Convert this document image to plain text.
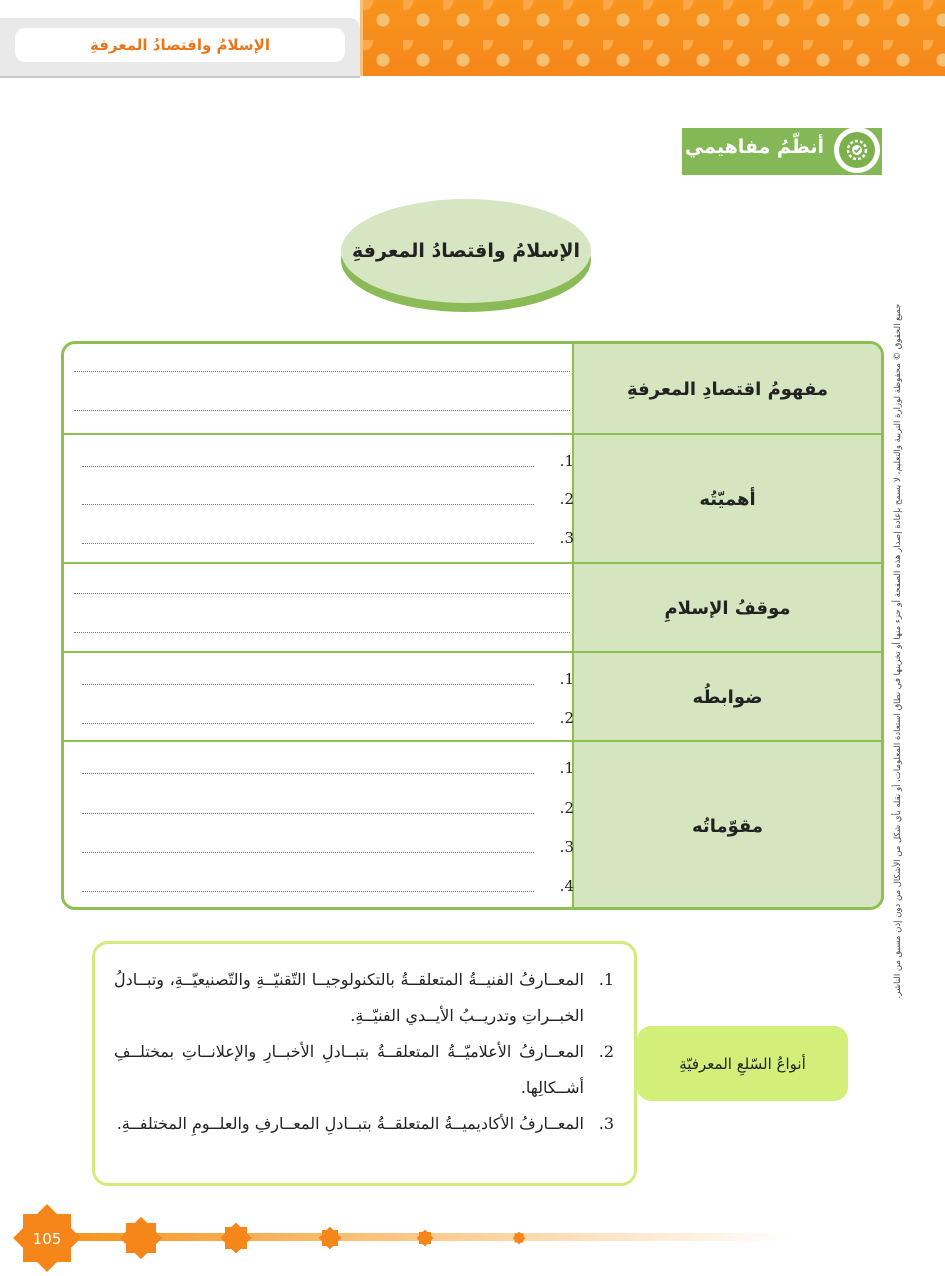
الإسلامُ واقتصادُ المعرفةِ
أنظّمُ مفاهيمي
الإسلامُ واقتصادُ المعرفةِ
مفهومُ اقتصادِ المعرفةِ
أهميّتُه
1.
2.
3.
موقفُ الإسلامِ
ضوابطُه
1.
2.
مقوّماتُه
1.
2.
3.
4.	جميع الحقوق © محفوظة لوزارة التربية والتعليم، لا يسمح بإعادة إصدار هذه الصفحة أو جزء منها أو تخزينها في نطاق استعادة المعلومات، أو نقله بأي شكل من الأشكال من دون إذن مسبق من الناشر.
1.
المعــارفُ الفنيــةُ المتعلقــةُ بالتكنولوجيــا التّقنيّــةِ والتّصنيعيّــةِ، وتبــادلُ الخبــراتِ وتدريــبُ الأيــدي الفنيّــةِ.
2.
المعــارفُ الأعلاميّــةُ المتعلقــةُ بتبــادلِ الأخبــارِ والإعلانــاتِ بمختلــفِ أشــكالِها.
3.
المعــارفُ الأكاديميــةُ المتعلقــةُ بتبــادلِ المعــارفِ والعلــومِ المختلفــةِ.
أنواعُ السّلعِ المعرفيّةِ
105
